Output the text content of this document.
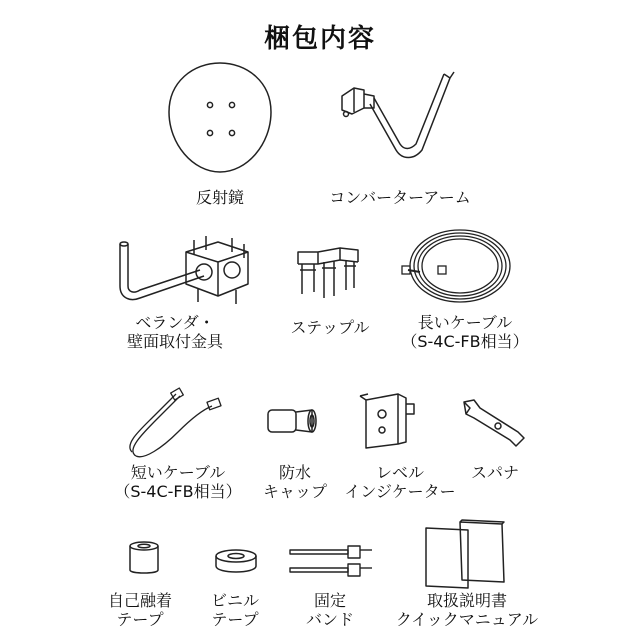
梱包内容
反射鏡	コンバーターアーム
ベランダ・
壁面取付金具
ステップル	長いケーブル
（S-4C-FB相当）
短いケーブル
（S-4C-FB相当）
防水
キャップ
レベル
インジケーター
スパナ
自己融着
テープ
ビニル
テープ
固定
バンド
取扱説明書
クイックマニュアル
